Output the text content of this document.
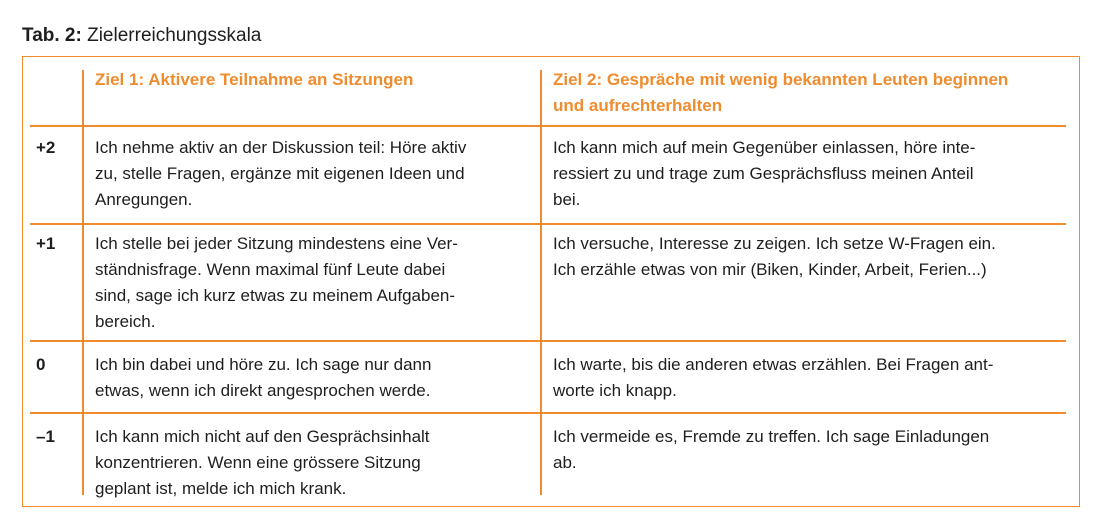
Tab. 2: Zielerreichungsskala
Ziel 1: Aktivere Teilnahme an Sitzungen	Ziel 2: Gespräche mit wenig bekannten Leuten beginnen
und aufrechterhalten
+2 Ich nehme aktiv an der Diskussion teil: Höre aktiv
zu, stelle Fragen, ergänze mit eigenen Ideen und
Anregungen.
Ich kann mich auf mein Gegenüber einlassen, höre inte-
ressiert zu und trage zum Gesprächsfluss meinen Anteil
bei.
+1 Ich stelle bei jeder Sitzung mindestens eine Ver-
ständnisfrage. Wenn maximal fünf Leute dabei
sind, sage ich kurz etwas zu meinem Aufgaben-
bereich.
Ich versuche, Interesse zu zeigen. Ich setze W-Fragen ein.
Ich erzähle etwas von mir (Biken, Kinder, Arbeit, Ferien...)
0	Ich bin dabei und höre zu. Ich sage nur dann
etwas, wenn ich direkt angesprochen werde.
Ich warte, bis die anderen etwas erzählen. Bei Fragen ant-
worte ich knapp.
–1 Ich kann mich nicht auf den Gesprächsinhalt
konzentrieren. Wenn eine grössere Sitzung
geplant ist, melde ich mich krank.
Ich vermeide es, Fremde zu treffen. Ich sage Einladungen
ab.
